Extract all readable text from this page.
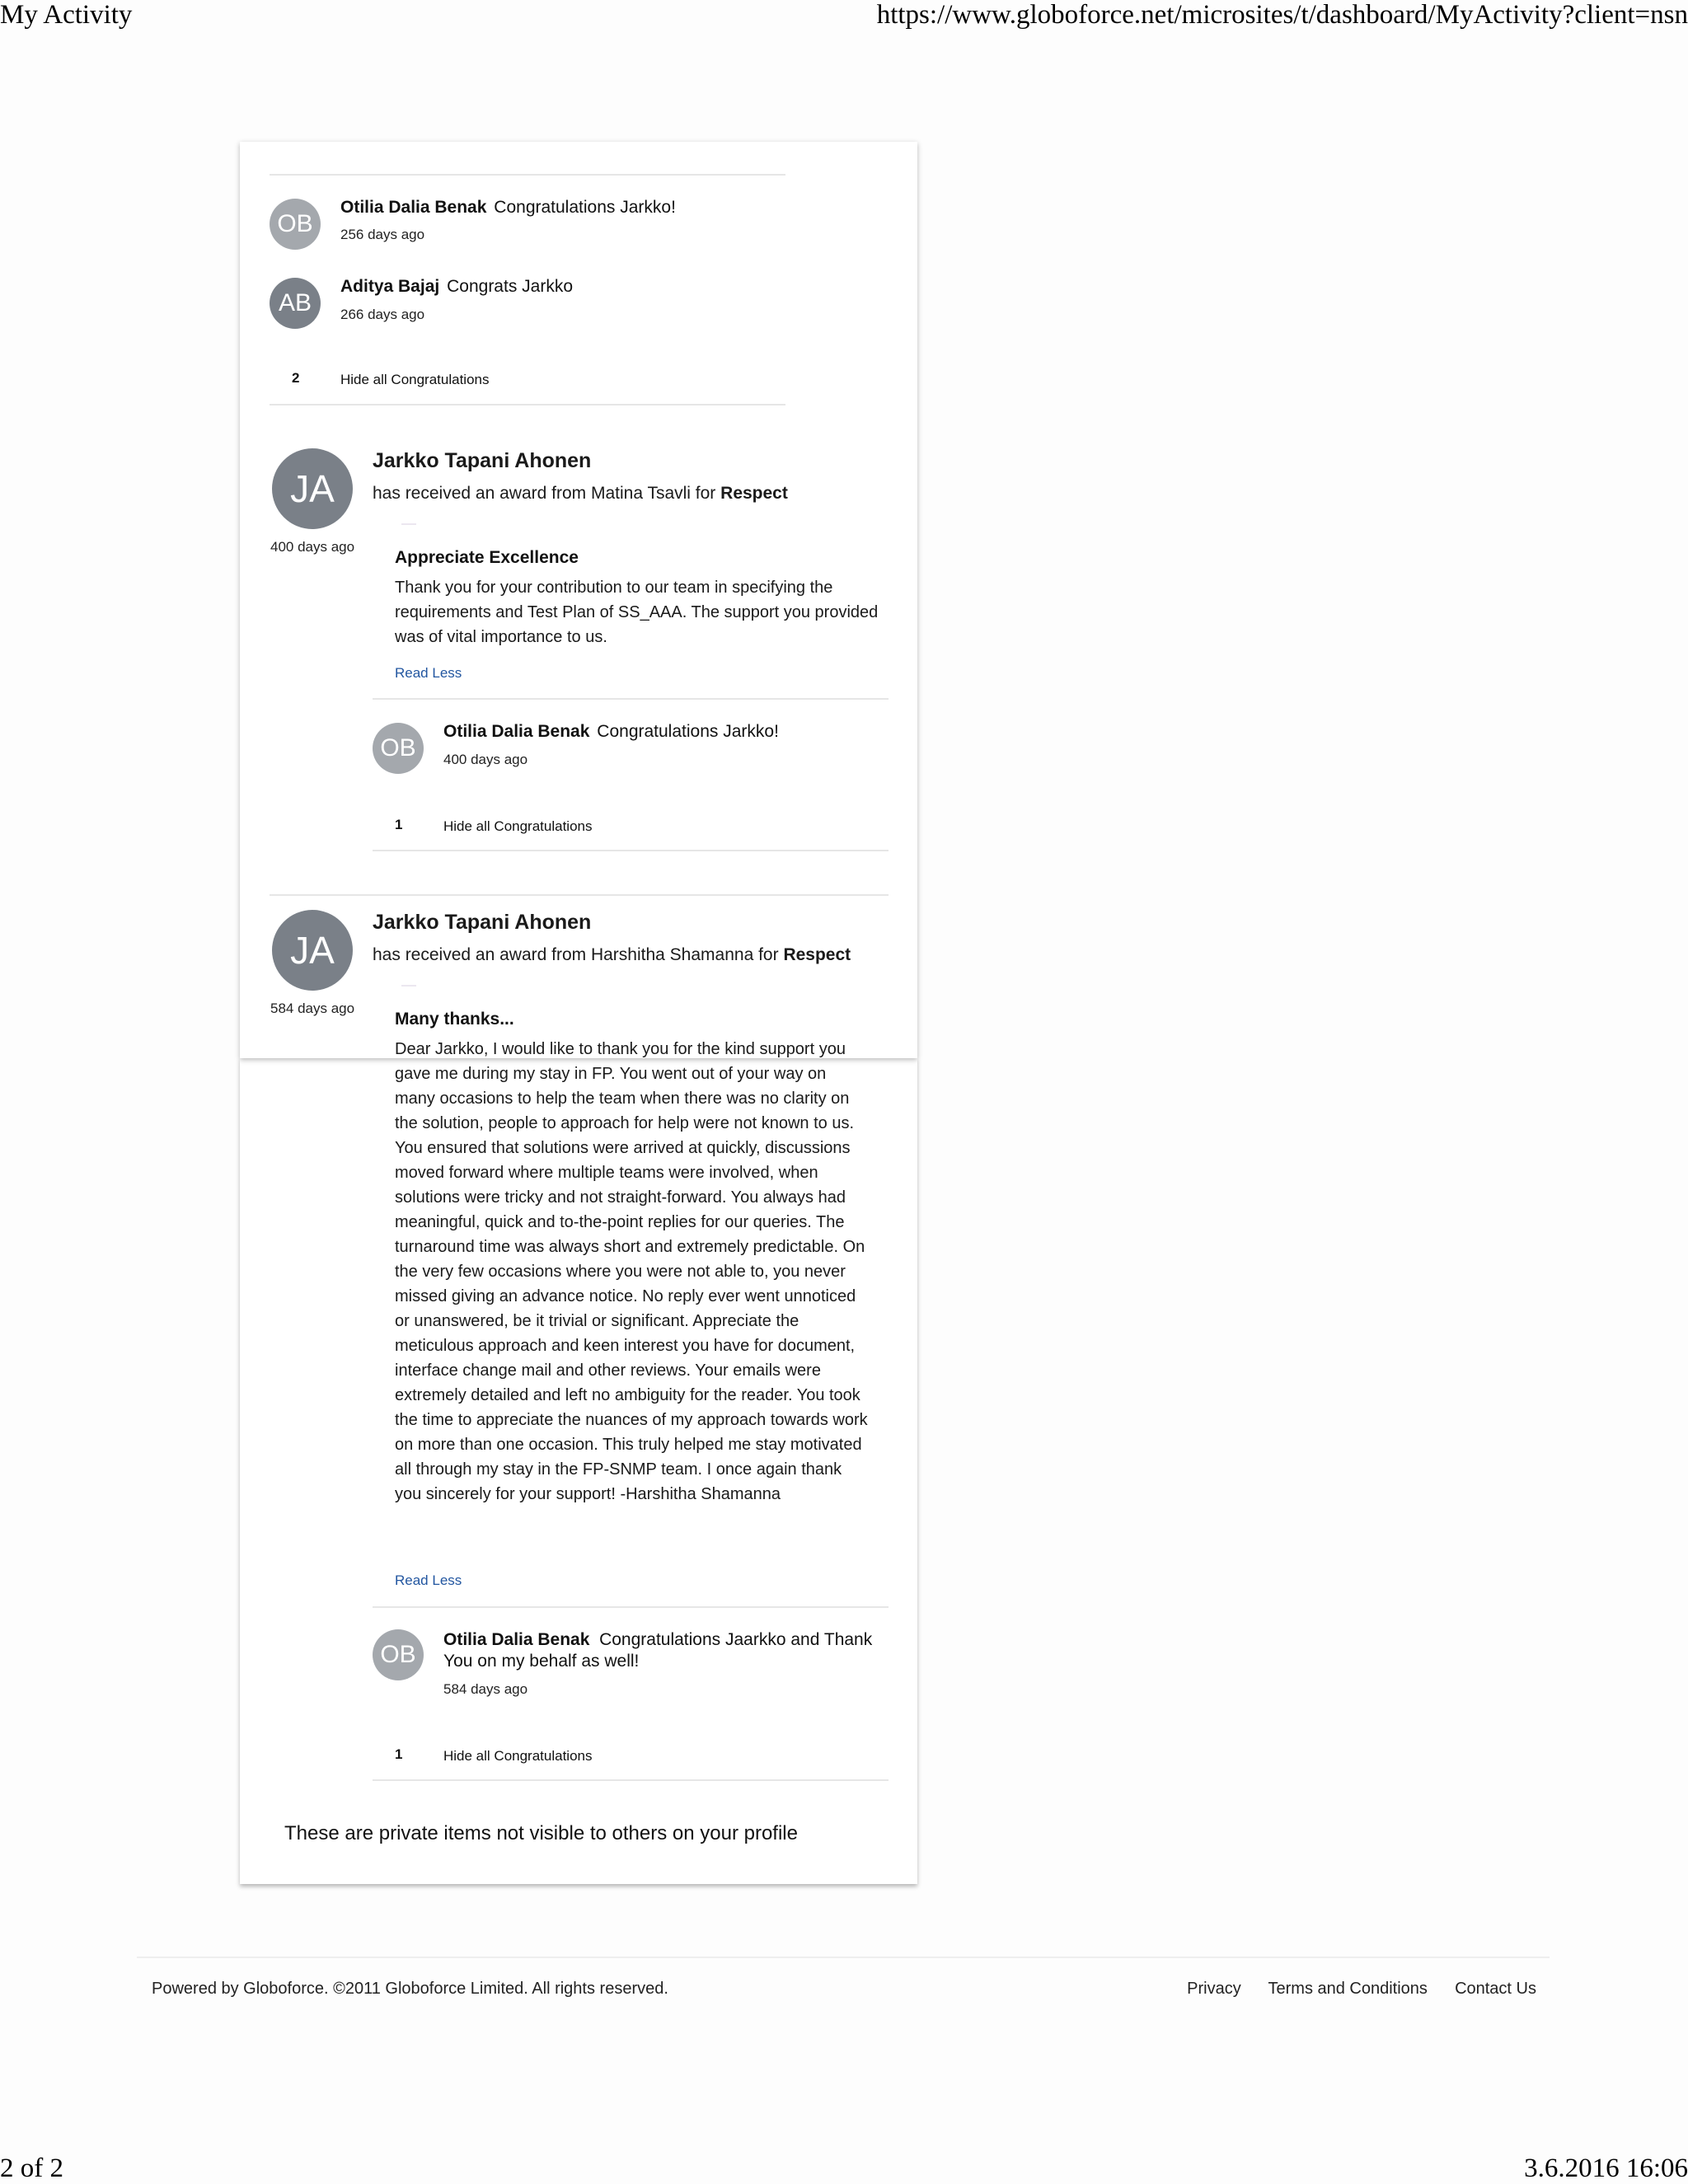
My Activity	https://www.globoforce.net/microsites/t/dashboard/MyActivity?client=nsn
OB
Otilia Dalia Benak Congratulations Jarkko!
256 days ago
AB
Aditya Bajaj Congrats Jarkko
266 days ago
2	Hide all Congratulations
JA
400 days ago
Jarkko Tapani Ahonen
has received an award from Matina Tsavli for Respect
Appreciate Excellence
Thank you for your contribution to our team in specifying the requirements and Test Plan of SS_AAA. The support you provided was of vital importance to us.
Read Less
OB
Otilia Dalia Benak Congratulations Jarkko!
400 days ago
1	Hide all Congratulations
JA
584 days ago
Jarkko Tapani Ahonen
has received an award from Harshitha Shamanna for Respect
Many thanks...
Dear Jarkko, I would like to thank you for the kind support you gave me during my stay in FP. You went out of your way on many occasions to help the team when there was no clarity on the solution, people to approach for help were not known to us. You ensured that solutions were arrived at quickly, discussions moved forward where multiple teams were involved, when solutions were tricky and not straight-forward. You always had meaningful, quick and to-the-point replies for our queries. The turnaround time was always short and extremely predictable. On the very few occasions where you were not able to, you never missed giving an advance notice. No reply ever went unnoticed or unanswered, be it trivial or significant. Appreciate the meticulous approach and keen interest you have for document, interface change mail and other reviews. Your emails were extremely detailed and left no ambiguity for the reader. You took the time to appreciate the nuances of my approach towards work on more than one occasion. This truly helped me stay motivated all through my stay in the FP-SNMP team. I once again thank you sincerely for your support! -Harshitha Shamanna
Read Less
OB
Otilia Dalia Benak Congratulations Jaarkko and Thank You on my behalf as well!
584 days ago
1	Hide all Congratulations
These are private items not visible to others on your profile
Powered by Globoforce. ©2011 Globoforce Limited. All rights reserved.	Privacy Terms and Conditions Contact Us
2 of 2	3.6.2016 16:06
